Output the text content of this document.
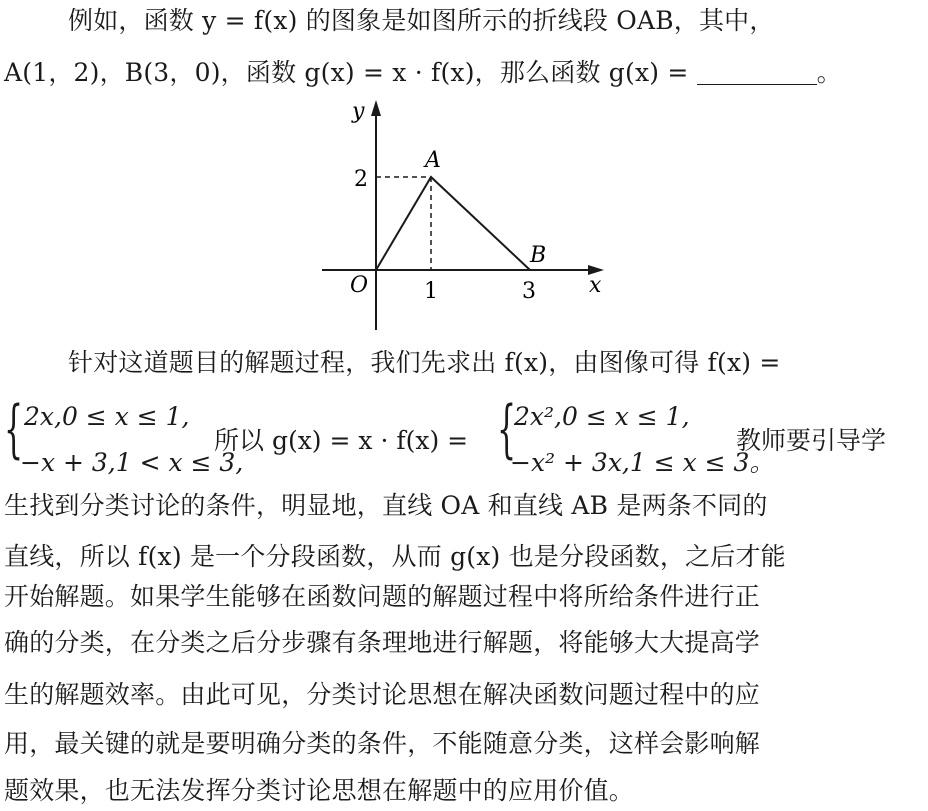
例如，函数 y = f(x) 的图象是如图所示的折线段 OAB，其中，
A(1，2)，B(3，0)，函数 g(x) = x · f(x)，那么函数 g(x) =	。
y
x
O
A
B
1	3
2
针对这道题目的解题过程，我们先求出 f(x)，由图像可得 f(x) =
{ 2x,0 ≤ x ≤ 1,
−x + 3,1 < x ≤ 3,
所以 g(x) = x · f(x) = {
2x²,0 ≤ x ≤ 1,
−x² + 3x,1 ≤ x ≤ 3。
教师要引导学
生找到分类讨论的条件，明显地，直线 OA 和直线 AB 是两条不同的
直线，所以 f(x) 是一个分段函数，从而 g(x) 也是分段函数，之后才能
开始解题。如果学生能够在函数问题的解题过程中将所给条件进行正
确的分类，在分类之后分步骤有条理地进行解题，将能够大大提高学
生的解题效率。由此可见，分类讨论思想在解决函数问题过程中的应
用，最关键的就是要明确分类的条件，不能随意分类，这样会影响解
题效果，也无法发挥分类讨论思想在解题中的应用价值。
